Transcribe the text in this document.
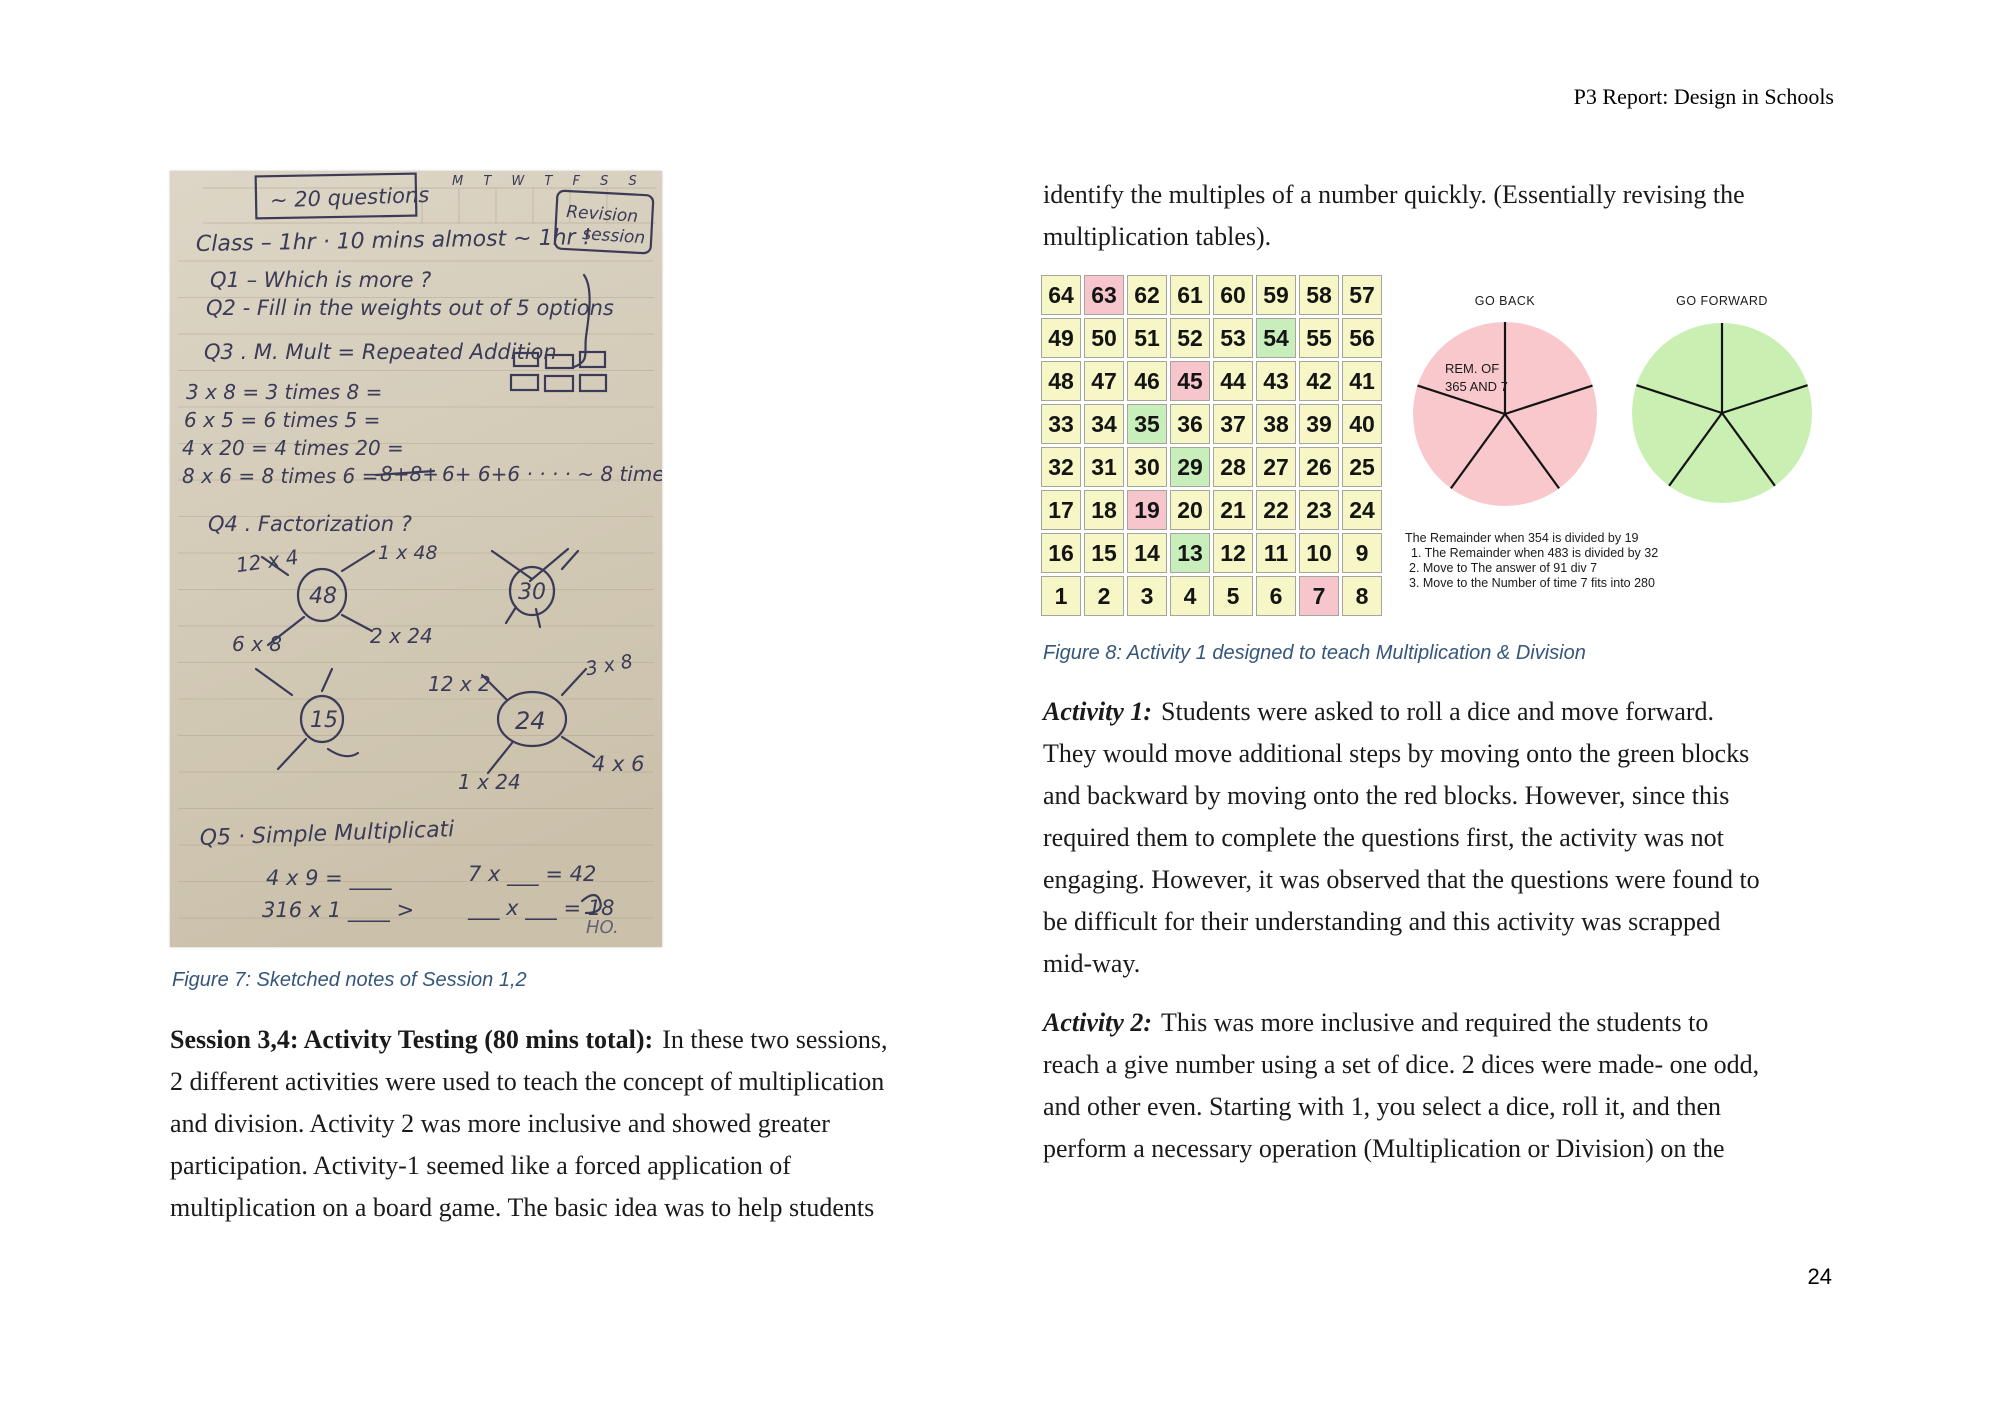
P3 Report: Design in Schools
M T W T F S S
~ 20 questions
Revision
session
Class – 1hr · 10 mins almost ~ 1hr !
Q1 – Which is more ?
Q2 - Fill in the weights out of 5 options
Q3 . M. Mult = Repeated Addition
3 x 8 = 3 times 8 =
6 x 5 = 6 times 5 =
4 x 20 = 4 times 20 =
8 x 6 = 8 times 6 = 8+8+ 6+ 6+6 · · · · ~ 8 times
Q4 . Factorization ?
12 x 4	1 x 48
48
6 x 8	2 x 24
30
12 x 2
3 x 8
24
1 x 24
4 x 6
15
Q5 · Simple Multiplicati
4 x 9 = ____	7 x ___ = 42
316 x 1 ____ >	___ x ___ = 18
HO.
Figure 7: Sketched notes of Session 1,2
Session 3,4: Activity Testing (80 mins total): In these two sessions,
2 different activities were used to teach the concept of multiplication
and division. Activity 2 was more inclusive and showed greater
participation. Activity-1 seemed like a forced application of
multiplication on a board game. The basic idea was to help students
identify the multiples of a number quickly. (Essentially revising the
multiplication tables).
64 63 62 61 60 59 58 57
49 50 51 52 53 54 55 56
48 47 46 45 44 43 42 41
33 34 35 36 37 38 39 40
32 31 30 29 28 27 26 25
17 18 19 20 21 22 23 24
16 15 14 13 12 11 10	9
1	2	3	4	5	6	7	8
GO BACK	GO FORWARD
REM. OF
365 AND 7
The Remainder when 354 is divided by 19
1. The Remainder when 483 is divided by 32
2. Move to The answer of 91 div 7
3. Move to the Number of time 7 fits into 280
Figure 8: Activity 1 designed to teach Multiplication & Division
Activity 1: Students were asked to roll a dice and move forward.
They would move additional steps by moving onto the green blocks
and backward by moving onto the red blocks. However, since this
required them to complete the questions first, the activity was not
engaging. However, it was observed that the questions were found to
be difficult for their understanding and this activity was scrapped
mid-way.
Activity 2: This was more inclusive and required the students to
reach a give number using a set of dice. 2 dices were made- one odd,
and other even. Starting with 1, you select a dice, roll it, and then
perform a necessary operation (Multiplication or Division) on the
24
